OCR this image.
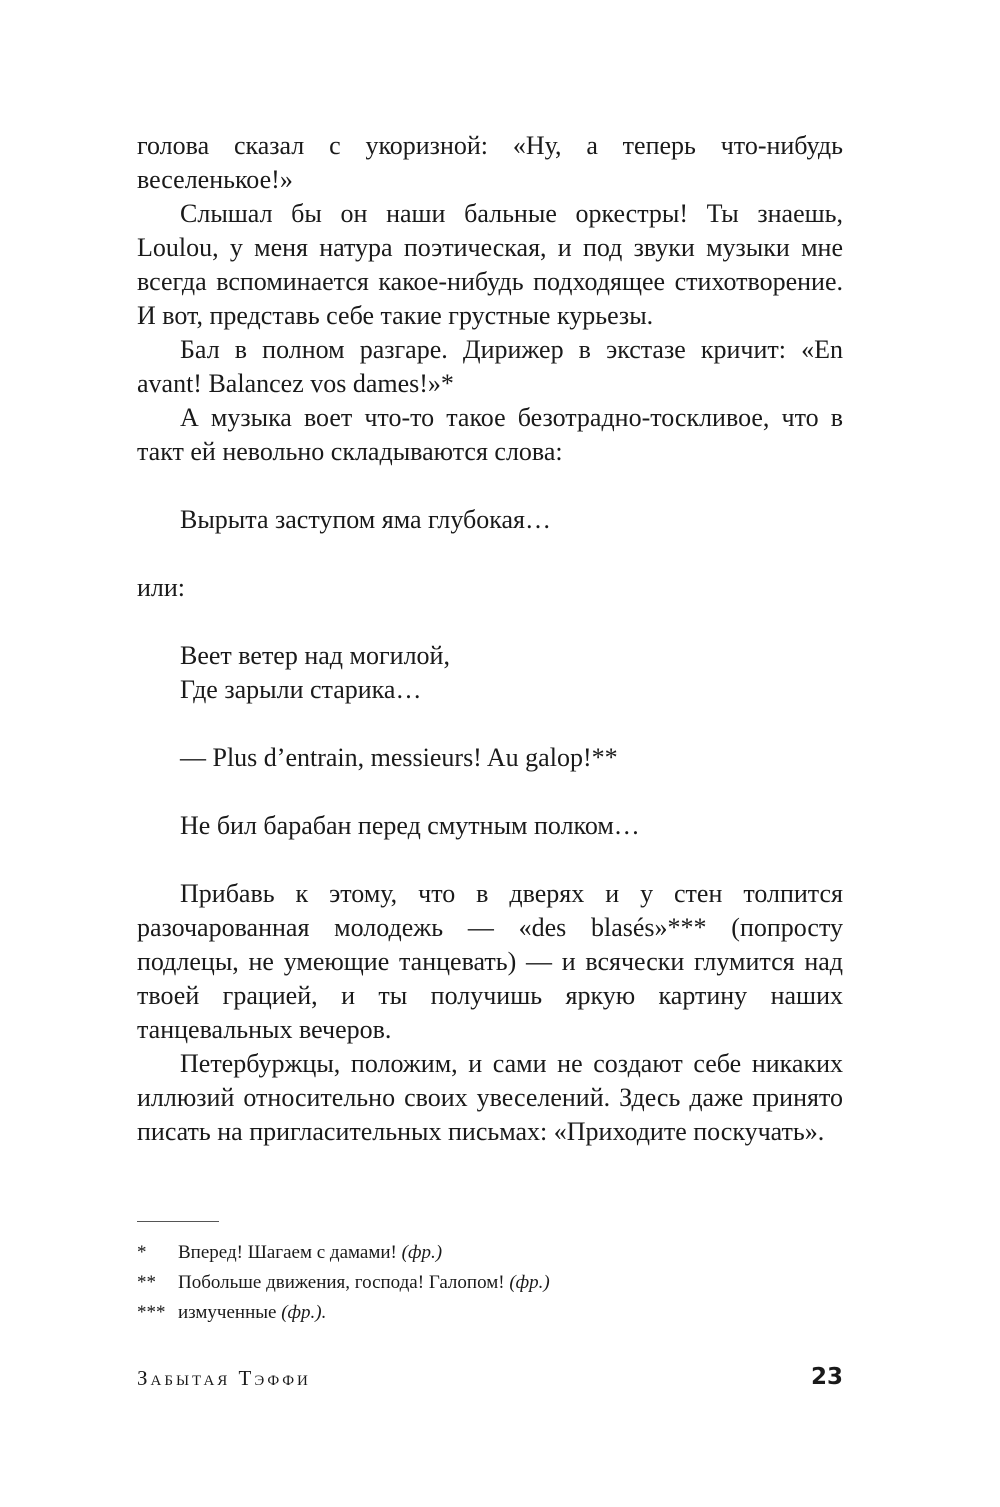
голова сказал с укоризной: «Ну, а теперь что-нибудь веселенькое!»

Слышал бы он наши бальные оркестры! Ты знаешь, Loulou, у меня натура поэтическая, и под звуки музыки мне всегда вспоминается какое-нибудь подходящее стихотворение. И вот, представь себе такие грустные курьезы.

Бал в полном разгаре. Дирижер в экстазе кричит: «En avant! Balancez vos dames!»*

А музыка воет что-то такое безотрадно-тоскливое, что в такт ей невольно складываются слова:

Вырыта заступом яма глубокая…

или:

Веет ветер над могилой,
Где зарыли старика…
— Plus d’entrain, messieurs! Au galop!**
Не бил барабан перед смутным полком…

Прибавь к этому, что в дверях и у стен толпится разочарованная молодежь — «des blasés»*** (попросту подлецы, не умеющие танцевать) — и всячески глумится над твоей грацией, и ты получишь яркую картину наших танцевальных вечеров.

Петербуржцы, положим, и сами не создают себе никаких иллюзий относительно своих увеселений. Здесь даже принято писать на пригласительных письмах: «Приходите поскучать».

*	Вперед! Шагаем с дамами! (фр.)
**	Побольше движения, господа! Галопом! (фр.)
*** измученные (фр.).
Забытая Тэффи	23
